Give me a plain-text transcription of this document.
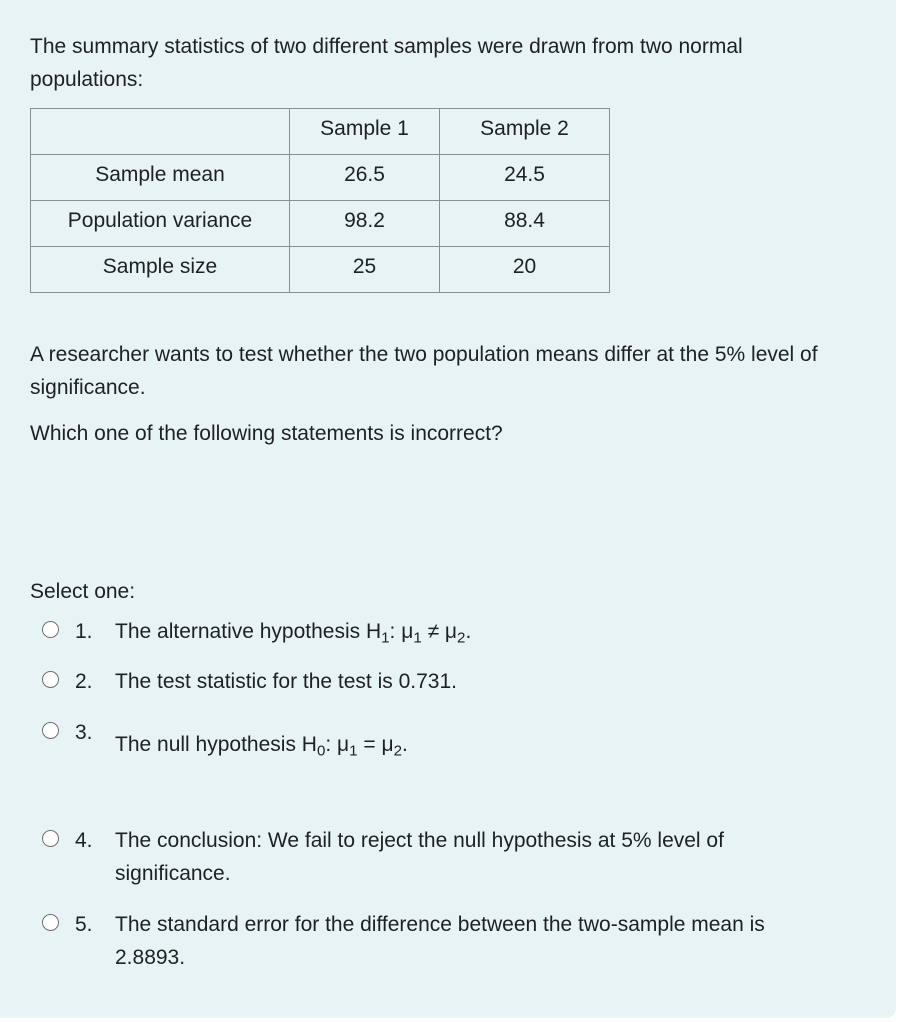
The summary statistics of two different samples were drawn from two normal populations:
	Sample 1	Sample 2
Sample mean	26.5	24.5
Population variance	98.2	88.4
Sample size	25	20
A researcher wants to test whether the two population means differ at the 5% level of significance.
Which one of the following statements is incorrect?
Select one:
1. The alternative hypothesis $H_1$: $\mu_1 \ne \mu_2$.
2. The test statistic for the test is 0.731.
3.
The null hypothesis $H_0$: $\mu_1 = \mu_2$.
4. The conclusion: We fail to reject the null hypothesis at 5% level of significance.
5. The standard error for the difference between the two-sample mean is 2.8893.
